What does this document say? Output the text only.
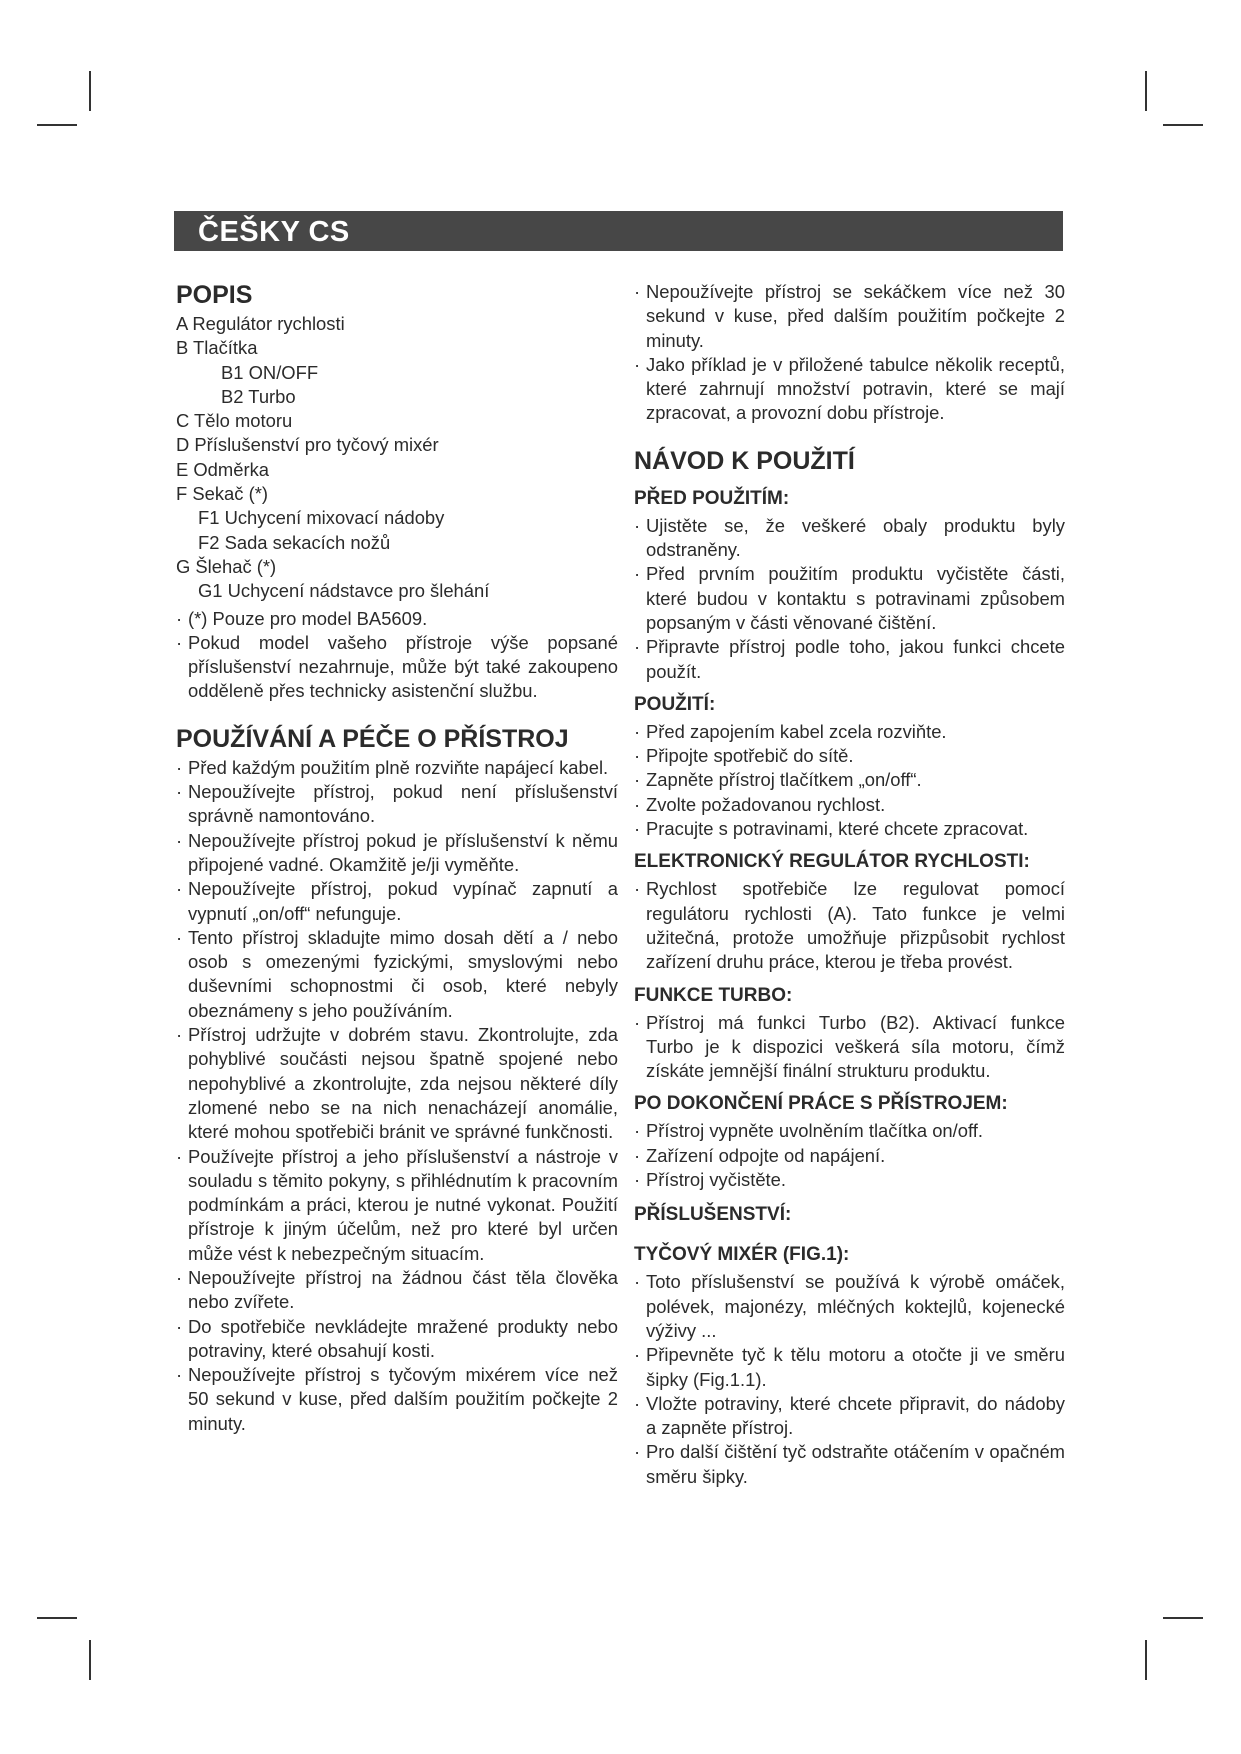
ČEŠKY CS

POPIS

A Regulátor rychlosti

B Tlačítka

B1 ON/OFF

B2 Turbo

C Tělo motoru

D Příslušenství pro tyčový mixér

E Odměrka

F Sekač (*)

F1 Uchycení mixovací nádoby

F2 Sada sekacích nožů

G Šlehač (*)

G1 Uchycení nádstavce pro šlehání

· (*) Pouze pro model BA5609.
· Pokud model vašeho přístroje výše popsané příslušenství nezahrnuje, může být také zakoupeno odděleně přes technicky asistenční službu.

POUŽÍVÁNÍ A PÉČE O PŘÍSTROJ

· Před každým použitím plně rozviňte napájecí kabel.
· Nepoužívejte přístroj, pokud není příslušenství správně namontováno.
· Nepoužívejte přístroj pokud je příslušenství k němu připojené vadné. Okamžitě je/ji vyměňte.
· Nepoužívejte přístroj, pokud vypínač zapnutí a vypnutí „on/off“ nefunguje.
· Tento přístroj skladujte mimo dosah dětí a / nebo osob s omezenými fyzickými, smyslovými nebo duševními schopnostmi či osob, které nebyly obeznámeny s jeho používáním.
· Přístroj udržujte v dobrém stavu. Zkontrolujte, zda pohyblivé součásti nejsou špatně spojené nebo nepohyblivé a zkontrolujte, zda nejsou některé díly zlomené nebo se na nich nenacházejí anomálie, které mohou spotřebiči bránit ve správné funkčnosti.
· Používejte přístroj a jeho příslušenství a nástroje v souladu s těmito pokyny, s přihlédnutím k pracovním podmínkám a práci, kterou je nutné vykonat. Použití přístroje k jiným účelům, než pro které byl určen může vést k nebezpečným situacím.
· Nepoužívejte přístroj na žádnou část těla člověka nebo zvířete.
· Do spotřebiče nevkládejte mražené produkty nebo potraviny, které obsahují kosti.
· Nepoužívejte přístroj s tyčovým mixérem více než 50 sekund v kuse, před dalším použitím počkejte 2 minuty.
· Nepoužívejte přístroj se sekáčkem více než 30 sekund v kuse, před dalším použitím počkejte 2 minuty.
· Jako příklad je v přiložené tabulce několik receptů, které zahrnují množství potravin, které se mají zpracovat, a provozní dobu přístroje.

NÁVOD K POUŽITÍ

PŘED POUŽITÍM:

· Ujistěte se, že veškeré obaly produktu byly odstraněny.
· Před prvním použitím produktu vyčistěte části, které budou v kontaktu s potravinami způsobem popsaným v části věnované čištění.
· Připravte přístroj podle toho, jakou funkci chcete použít.

POUŽITÍ:

· Před zapojením kabel zcela rozviňte.
· Připojte spotřebič do sítě.
· Zapněte přístroj tlačítkem „on/off“.
· Zvolte požadovanou rychlost.
· Pracujte s potravinami, které chcete zpracovat.

ELEKTRONICKÝ REGULÁTOR RYCHLOSTI:

· Rychlost spotřebiče lze regulovat pomocí regulátoru rychlosti (A). Tato funkce je velmi užitečná, protože umožňuje přizpůsobit rychlost zařízení druhu práce, kterou je třeba provést.

FUNKCE TURBO:

· Přístroj má funkci Turbo (B2). Aktivací funkce Turbo je k dispozici veškerá síla motoru, čímž získáte jemnější finální strukturu produktu.

PO DOKONČENÍ PRÁCE S PŘÍSTROJEM:

· Přístroj vypněte uvolněním tlačítka on/off.
· Zařízení odpojte od napájení.
· Přístroj vyčistěte.

PŘÍSLUŠENSTVÍ:

TYČOVÝ MIXÉR (FIG.1):

· Toto příslušenství se používá k výrobě omáček, polévek, majonézy, mléčných koktejlů, kojenecké výživy ...
· Připevněte tyč k tělu motoru a otočte ji ve směru šipky (Fig.1.1).
· Vložte potraviny, které chcete připravit, do nádoby a zapněte přístroj.
· Pro další čištění tyč odstraňte otáčením v opačném směru šipky.
